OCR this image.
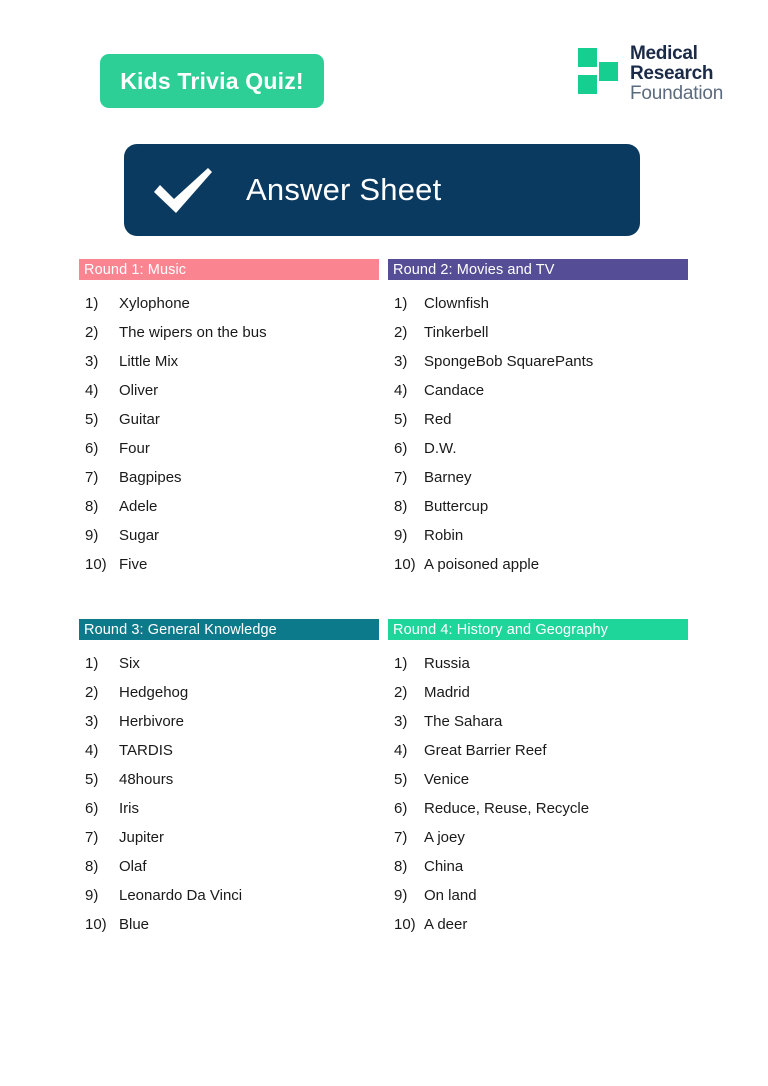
Kids Trivia Quiz!
Medical
Research
Foundation
Answer Sheet
Round 1: Music
1)	Xylophone
2)	The wipers on the bus
3)	Little Mix
4)	Oliver
5)	Guitar
6)	Four
7)	Bagpipes
8)	Adele
9)	Sugar
10) Five
Round 2: Movies and TV
1)	Clownfish
2)	Tinkerbell
3)	SpongeBob SquarePants
4)	Candace
5)	Red
6)	D.W.
7)	Barney
8)	Buttercup
9)	Robin
10) A poisoned apple
Round 3: General Knowledge
1)	Six
2)	Hedgehog
3)	Herbivore
4)	TARDIS
5)	48hours
6)	Iris
7)	Jupiter
8)	Olaf
9)	Leonardo Da Vinci
10) Blue
Round 4: History and Geography
1)	Russia
2)	Madrid
3)	The Sahara
4)	Great Barrier Reef
5)	Venice
6)	Reduce, Reuse, Recycle
7)	A joey
8)	China
9)	On land
10) A deer
